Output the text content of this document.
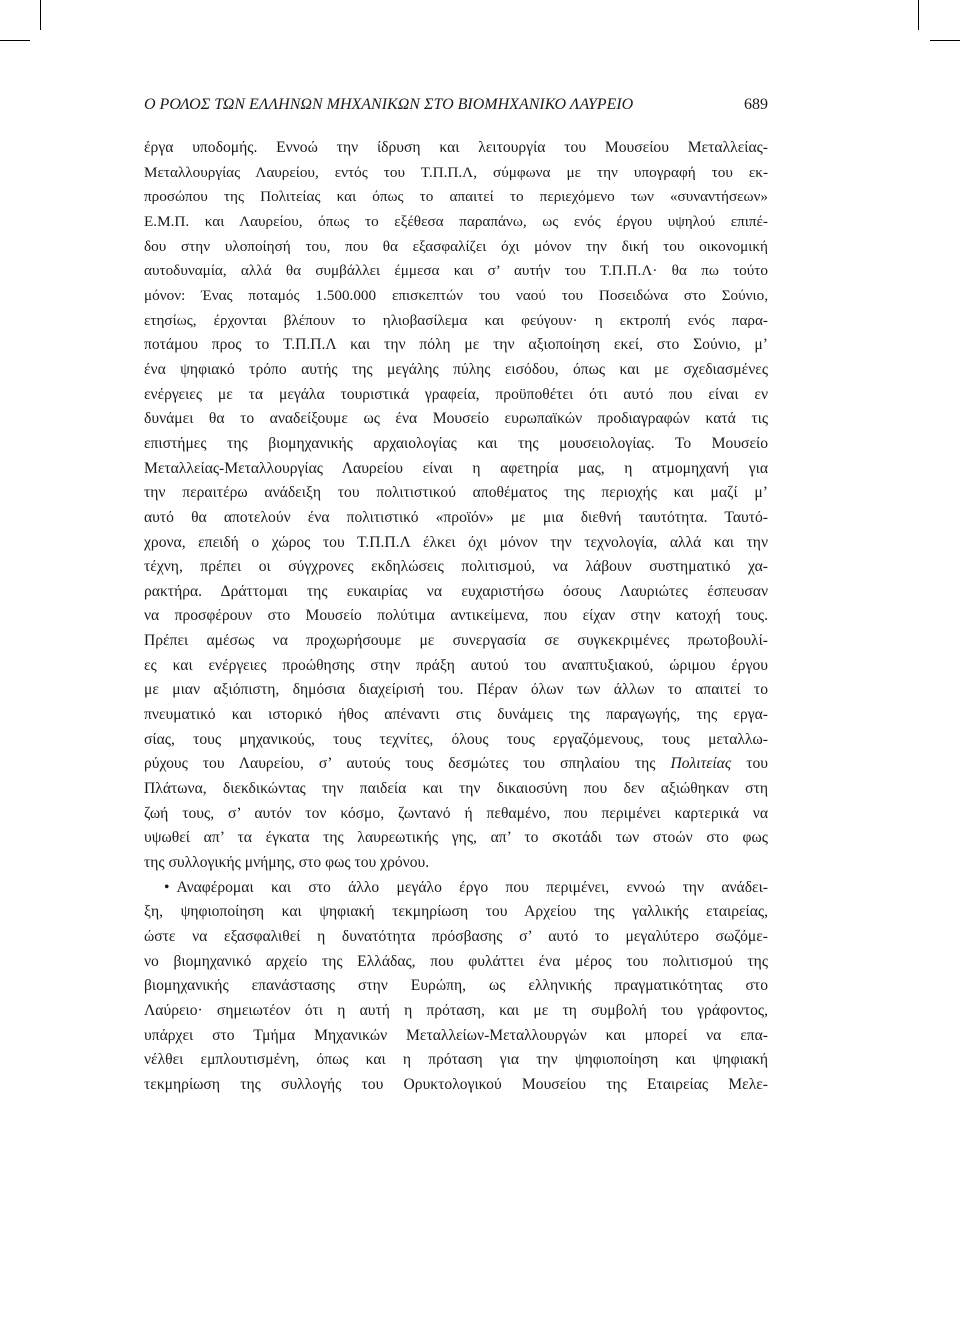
Ο ΡΟΛΟΣ ΤΩΝ ΕΛΛΗΝΩΝ ΜΗΧΑΝΙΚΩΝ ΣΤΟ ΒΙΟΜΗΧΑΝΙΚΟ ΛΑΥΡΕΙΟ	689
έργα υποδομής. Εννοώ την ίδρυση και λειτουργία του Μουσείου Μεταλλείας-
Μεταλλουργίας Λαυρείου, εντός του Τ.Π.Π.Λ, σύμφωνα με την υπογραφή του εκ-
προσώπου της Πολιτείας και όπως το απαιτεί το περιεχόμενο των «συναντήσεων»
Ε.Μ.Π. και Λαυρείου, όπως το εξέθεσα παραπάνω, ως ενός έργου υψηλού επιπέ-
δου στην υλοποίησή του, που θα εξασφαλίζει όχι μόνον την δική του οικονομική
αυτοδυναμία, αλλά θα συμβάλλει έμμεσα και σ’ αυτήν του Τ.Π.Π.Λ· θα πω τούτο
μόνον: Ένας ποταμός 1.500.000 επισκεπτών του ναού του Ποσειδώνα στο Σούνιο,
ετησίως, έρχονται βλέπουν το ηλιοβασίλεμα και φεύγουν· η εκτροπή ενός παρα-
ποτάμου προς το Τ.Π.Π.Λ και την πόλη με την αξιοποίηση εκεί, στο Σούνιο, μ’
ένα ψηφιακό τρόπο αυτής της μεγάλης πύλης εισόδου, όπως και με σχεδιασμένες
ενέργειες με τα μεγάλα τουριστικά γραφεία, προϋποθέτει ότι αυτό που είναι εν
δυνάμει θα το αναδείξουμε ως ένα Μουσείο ευρωπαϊκών προδιαγραφών κατά τις
επιστήμες της βιομηχανικής αρχαιολογίας και της μουσειολογίας. Το Μουσείο
Μεταλλείας-Μεταλλουργίας Λαυρείου είναι η αφετηρία μας, η ατμομηχανή για
την περαιτέρω ανάδειξη του πολιτιστικού αποθέματος της περιοχής και μαζί μ’
αυτό θα αποτελούν ένα πολιτιστικό «προϊόν» με μια διεθνή ταυτότητα. Ταυτό-
χρονα, επειδή ο χώρος του Τ.Π.Π.Λ έλκει όχι μόνον την τεχνολογία, αλλά και την
τέχνη, πρέπει οι σύγχρονες εκδηλώσεις πολιτισμού, να λάβουν συστηματικό χα-
ρακτήρα. Δράττομαι της ευκαιρίας να ευχαριστήσω όσους Λαυριώτες έσπευσαν
να προσφέρουν στο Μουσείο πολύτιμα αντικείμενα, που είχαν στην κατοχή τους.
Πρέπει αμέσως να προχωρήσουμε με συνεργασία σε συγκεκριμένες πρωτοβουλί-
ες και ενέργειες προώθησης στην πράξη αυτού του αναπτυξιακού, ώριμου έργου
με μιαν αξιόπιστη, δημόσια διαχείρισή του. Πέραν όλων των άλλων το απαιτεί το
πνευματικό και ιστορικό ήθος απέναντι στις δυνάμεις της παραγωγής, της εργα-
σίας, τους μηχανικούς, τους τεχνίτες, όλους τους εργαζόμενους, τους μεταλλω-
ρύχους του Λαυρείου, σ’ αυτούς τους δεσμώτες του σπηλαίου της Πολιτείας του
Πλάτωνα, διεκδικώντας την παιδεία και την δικαιοσύνη που δεν αξιώθηκαν στη
ζωή τους, σ’ αυτόν τον κόσμο, ζωντανό ή πεθαμένο, που περιμένει καρτερικά να
υψωθεί απ’ τα έγκατα της λαυρεωτικής γης, απ’ το σκοτάδι των στοών στο φως
της συλλογικής μνήμης, στο φως του χρόνου.
• Αναφέρομαι και στο άλλο μεγάλο έργο που περιμένει, εννοώ την ανάδει-
ξη, ψηφιοποίηση και ψηφιακή τεκμηρίωση του Αρχείου της γαλλικής εταιρείας,
ώστε να εξασφαλιθεί η δυνατότητα πρόσβασης σ’ αυτό το μεγαλύτερο σωζόμε-
νο βιομηχανικό αρχείο της Ελλάδας, που φυλάττει ένα μέρος του πολιτισμού της
βιομηχανικής επανάστασης στην Ευρώπη, ως ελληνικής πραγματικότητας στο
Λαύρειο· σημειωτέον ότι η αυτή η πρόταση, και με τη συμβολή του γράφοντος,
υπάρχει στο Τμήμα Μηχανικών Μεταλλείων-Μεταλλουργών και μπορεί να επα-
νέλθει εμπλουτισμένη, όπως και η πρόταση για την ψηφιοποίηση και ψηφιακή
τεκμηρίωση της συλλογής του Ορυκτολογικού Μουσείου της Εταιρείας Μελε-
